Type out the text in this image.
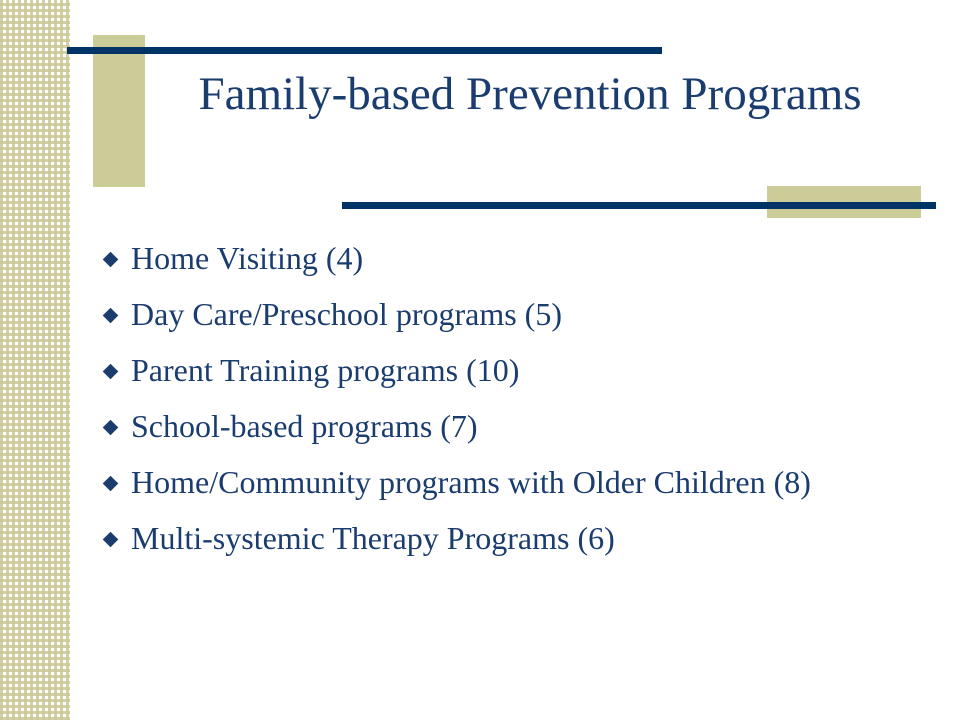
Family-based Prevention Programs
Home Visiting (4)
Day Care/Preschool programs (5)
Parent Training programs (10)
School-based programs (7)
Home/Community programs with Older Children (8)
Multi-systemic Therapy Programs (6)
